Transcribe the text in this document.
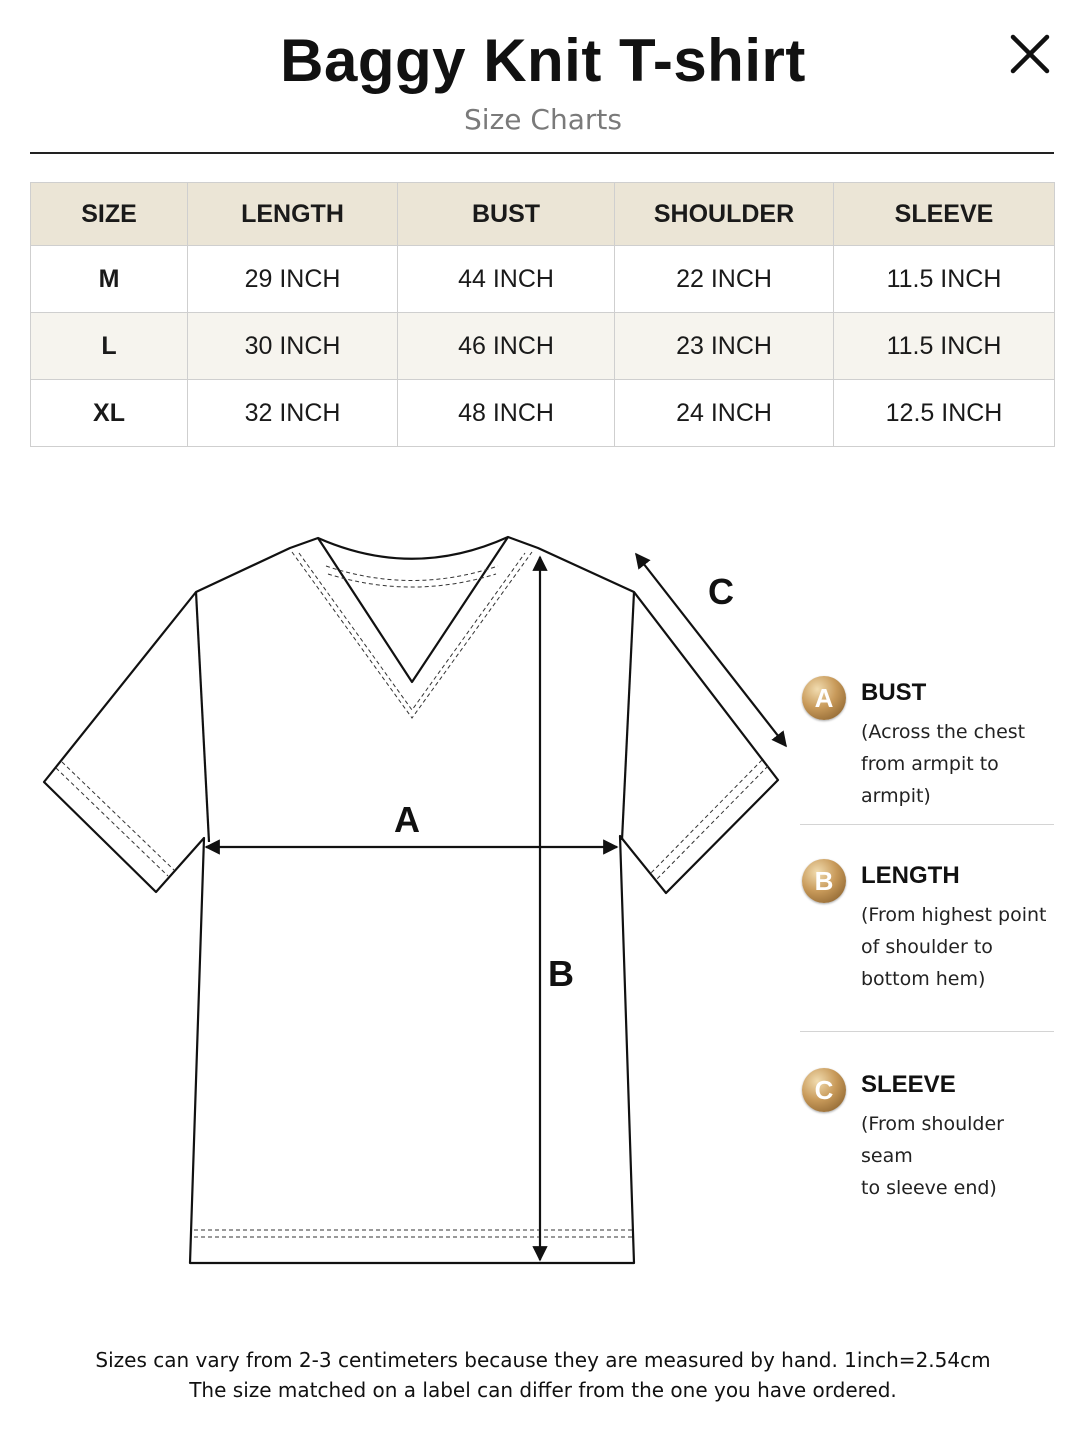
Baggy Knit T-shirt
Size Charts
SIZE	LENGTH	BUST	SHOULDER	SLEEVE
M	29 INCH	44 INCH	22 INCH	11.5 INCH
L	30 INCH	46 INCH	23 INCH	11.5 INCH
XL	32 INCH	48 INCH	24 INCH	12.5 INCH
A
B
C
A	BUST
(Across the chest
from armpit to armpit)
B	LENGTH
(From highest point
of shoulder to
bottom hem)
C	SLEEVE
(From shoulder seam
to sleeve end)
Sizes can vary from 2-3 centimeters because they are measured by hand. 1inch=2.54cm
The size matched on a label can differ from the one you have ordered.
